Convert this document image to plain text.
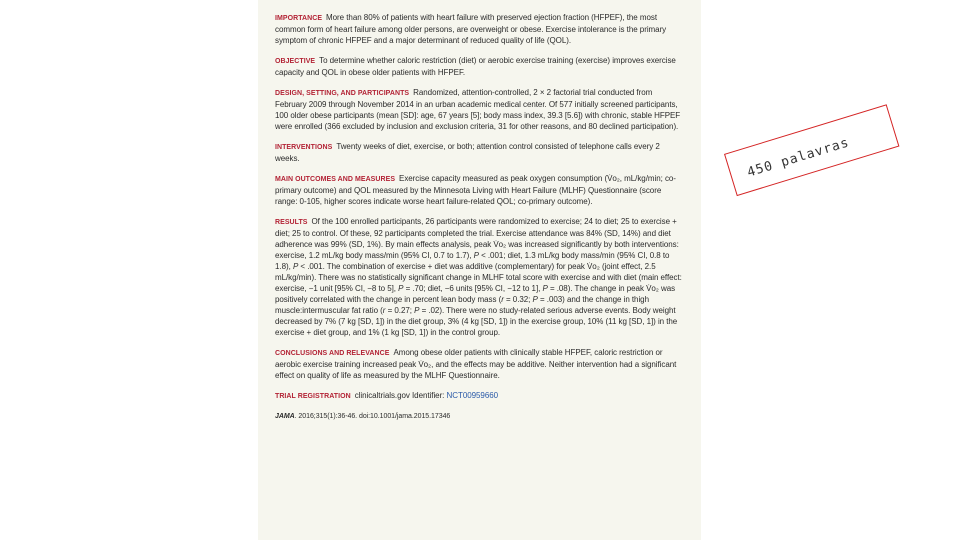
IMPORTANCE More than 80% of patients with heart failure with preserved ejection fraction (HFPEF), the most common form of heart failure among older persons, are overweight or obese. Exercise intolerance is the primary symptom of chronic HFPEF and a major determinant of reduced quality of life (QOL).

OBJECTIVE To determine whether caloric restriction (diet) or aerobic exercise training (exercise) improves exercise capacity and QOL in obese older patients with HFPEF.

DESIGN, SETTING, AND PARTICIPANTS Randomized, attention-controlled, 2 × 2 factorial trial conducted from February 2009 through November 2014 in an urban academic medical center. Of 577 initially screened participants, 100 older obese participants (mean [SD]: age, 67 years [5]; body mass index, 39.3 [5.6]) with chronic, stable HFPEF were enrolled (366 excluded by inclusion and exclusion criteria, 31 for other reasons, and 80 declined participation).

INTERVENTIONS Twenty weeks of diet, exercise, or both; attention control consisted of telephone calls every 2 weeks.

MAIN OUTCOMES AND MEASURES Exercise capacity measured as peak oxygen consumption (V̇o₂, mL/kg/min; co-primary outcome) and QOL measured by the Minnesota Living with Heart Failure (MLHF) Questionnaire (score range: 0-105, higher scores indicate worse heart failure-related QOL; co-primary outcome).

RESULTS Of the 100 enrolled participants, 26 participants were randomized to exercise; 24 to diet; 25 to exercise + diet; 25 to control. Of these, 92 participants completed the trial. Exercise attendance was 84% (SD, 14%) and diet adherence was 99% (SD, 1%). By main effects analysis, peak V̇o₂ was increased significantly by both interventions: exercise, 1.2 mL/kg body mass/min (95% CI, 0.7 to 1.7), P < .001; diet, 1.3 mL/kg body mass/min (95% CI, 0.8 to 1.8), P < .001. The combination of exercise + diet was additive (complementary) for peak V̇o₂ (joint effect, 2.5 mL/kg/min). There was no statistically significant change in MLHF total score with exercise and with diet (main effect: exercise, −1 unit [95% CI, −8 to 5], P = .70; diet, −6 units [95% CI, −12 to 1], P = .08). The change in peak V̇o₂ was positively correlated with the change in percent lean body mass (r = 0.32; P = .003) and the change in thigh muscle:intermuscular fat ratio (r = 0.27; P = .02). There were no study-related serious adverse events. Body weight decreased by 7% (7 kg [SD, 1]) in the diet group, 3% (4 kg [SD, 1]) in the exercise group, 10% (11 kg [SD, 1]) in the exercise + diet group, and 1% (1 kg [SD, 1]) in the control group.

CONCLUSIONS AND RELEVANCE Among obese older patients with clinically stable HFPEF, caloric restriction or aerobic exercise training increased peak V̇o₂, and the effects may be additive. Neither intervention had a significant effect on quality of life as measured by the MLHF Questionnaire.

TRIAL REGISTRATION clinicaltrials.gov Identifier: NCT00959660

JAMA. 2016;315(1):36-46. doi:10.1001/jama.2015.17346

450 palavras
